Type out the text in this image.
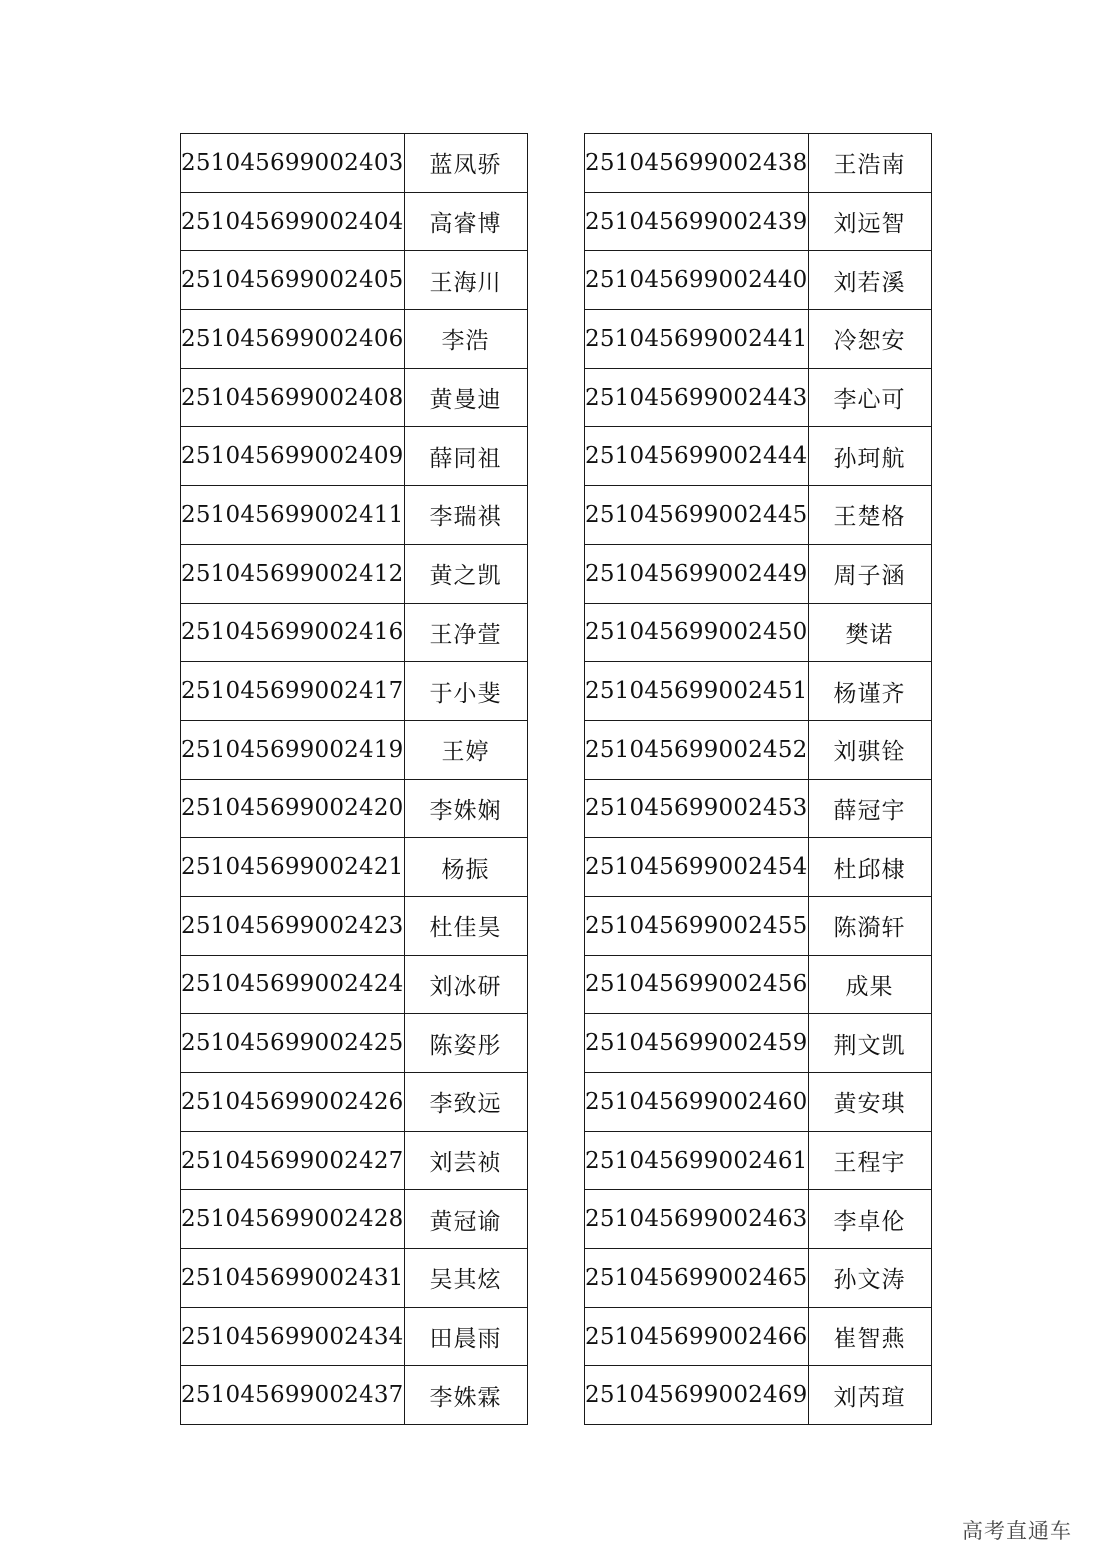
251045699002403	蓝凤骄
251045699002404	高睿博
251045699002405	王海川
251045699002406	李浩
251045699002408	黄曼迪
251045699002409	薛同祖
251045699002411	李瑞祺
251045699002412	黄之凯
251045699002416	王净萱
251045699002417	于小斐
251045699002419	王婷
251045699002420	李姝娴
251045699002421	杨振
251045699002423	杜佳昊
251045699002424	刘冰研
251045699002425	陈姿彤
251045699002426	李致远
251045699002427	刘芸祯
251045699002428	黄冠谕
251045699002431	吴其炫
251045699002434	田晨雨
251045699002437	李姝霖
251045699002438	王浩南
251045699002439	刘远智
251045699002440	刘若溪
251045699002441	冷恕安
251045699002443	李心可
251045699002444	孙珂航
251045699002445	王楚格
251045699002449	周子涵
251045699002450	樊诺
251045699002451	杨谨齐
251045699002452	刘骐铨
251045699002453	薛冠宇
251045699002454	杜邱棣
251045699002455	陈漪轩
251045699002456	成果
251045699002459	荆文凯
251045699002460	黄安琪
251045699002461	王程宇
251045699002463	李卓伦
251045699002465	孙文涛
251045699002466	崔智燕
251045699002469	刘芮瑄
高考直通车
